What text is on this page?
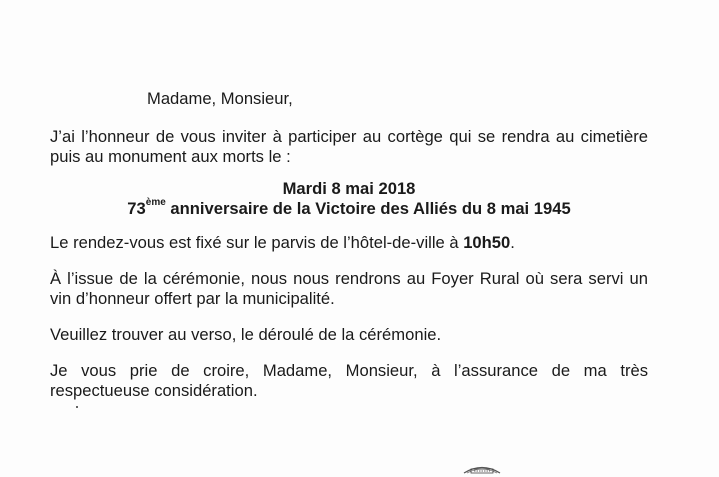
Madame, Monsieur,

J’ai l’honneur de vous inviter à participer au cortège qui se rendra au cimetière puis au monument aux morts le :

Mardi 8 mai 2018
73ème anniversaire de la Victoire des Alliés du 8 mai 1945

Le rendez-vous est fixé sur le parvis de l’hôtel-de-ville à 10h50.

À l’issue de la cérémonie, nous nous rendrons au Foyer Rural où sera servi un vin d’honneur offert par la municipalité.

Veuillez trouver au verso, le déroulé de la cérémonie.

Je vous prie de croire, Madame, Monsieur, à l’assurance de ma très respectueuse considération.
